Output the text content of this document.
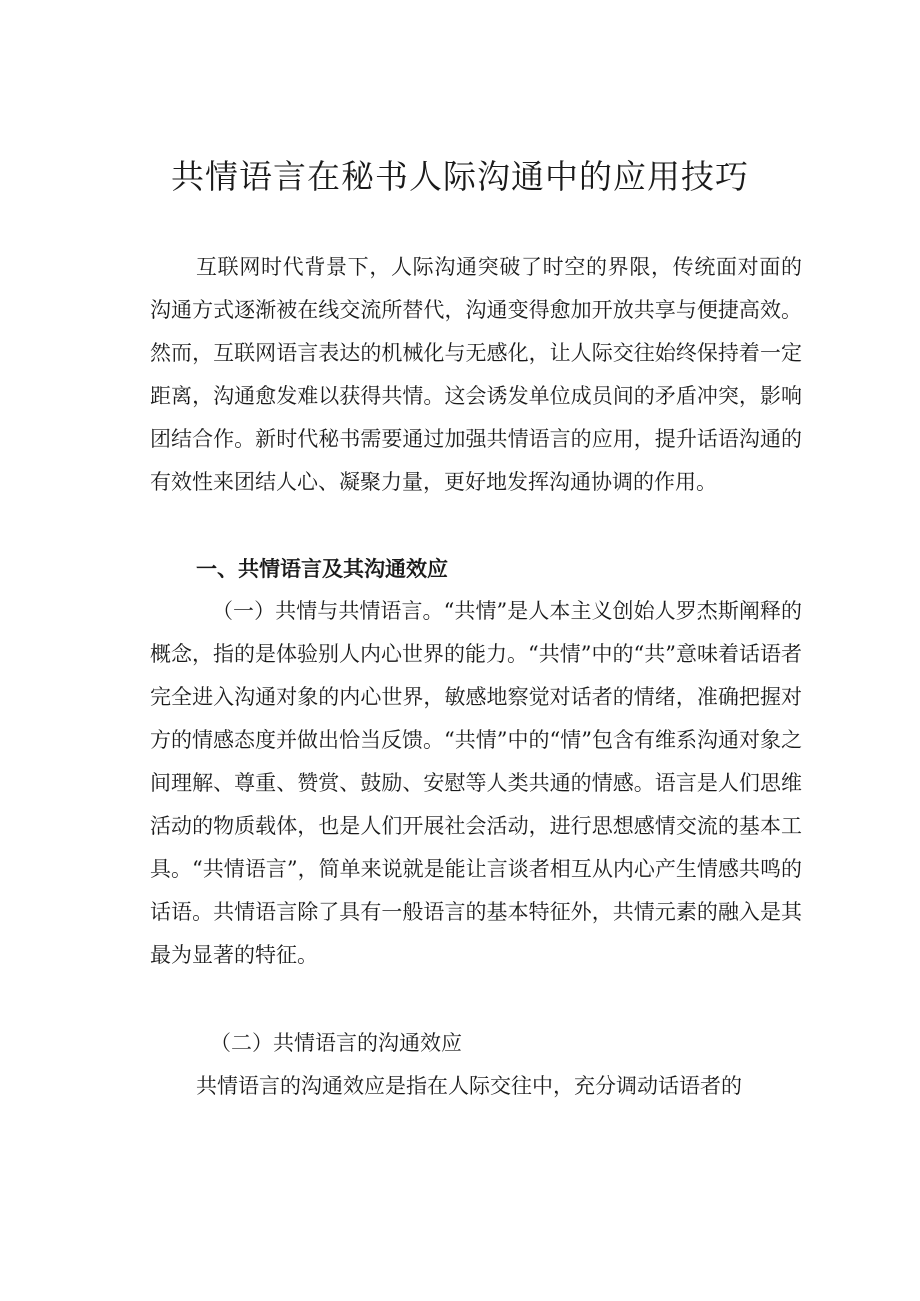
共情语言在秘书人际沟通中的应用技巧
互联网时代背景下，人际沟通突破了时空的界限，传统面对面的沟通方式逐渐被在线交流所替代，沟通变得愈加开放共享与便捷高效。然而，互联网语言表达的机械化与无感化，让人际交往始终保持着一定距离，沟通愈发难以获得共情。这会诱发单位成员间的矛盾冲突，影响团结合作。新时代秘书需要通过加强共情语言的应用，提升话语沟通的有效性来团结人心、凝聚力量，更好地发挥沟通协调的作用。
一、共情语言及其沟通效应
（一）共情与共情语言。“共情”是人本主义创始人罗杰斯阐释的概念，指的是体验别人内心世界的能力。“共情”中的“共”意味着话语者完全进入沟通对象的内心世界，敏感地察觉对话者的情绪，准确把握对方的情感态度并做出恰当反馈。“共情”中的“情”包含有维系沟通对象之间理解、尊重、赞赏、鼓励、安慰等人类共通的情感。语言是人们思维活动的物质载体，也是人们开展社会活动，进行思想感情交流的基本工具。“共情语言”，简单来说就是能让言谈者相互从内心产生情感共鸣的话语。共情语言除了具有一般语言的基本特征外，共情元素的融入是其最为显著的特征。
（二）共情语言的沟通效应
共情语言的沟通效应是指在人际交往中，充分调动话语者的
